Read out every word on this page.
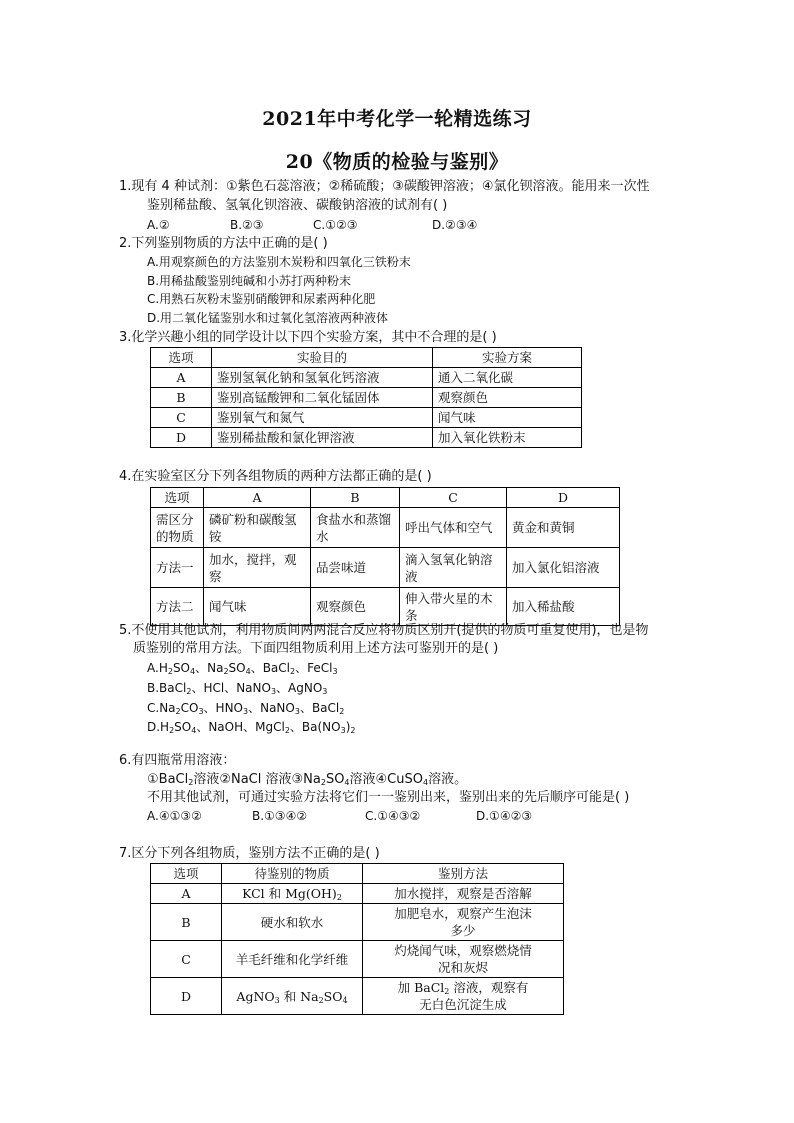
2021年中考化学一轮精选练习
20《物质的检验与鉴别》
1.现有 4 种试剂：①紫色石蕊溶液；②稀硫酸；③碳酸钾溶液；④氯化钡溶液。能用来一次性
鉴别稀盐酸、氢氧化钡溶液、碳酸钠溶液的试剂有( )
A.②	B.②③	C.①②③	D.②③④
2.下列鉴别物质的方法中正确的是( )
A.用观察颜色的方法鉴别木炭粉和四氧化三铁粉末
B.用稀盐酸鉴别纯碱和小苏打两种粉末
C.用熟石灰粉末鉴别硝酸钾和尿素两种化肥
D.用二氧化锰鉴别水和过氧化氢溶液两种液体
3.化学兴趣小组的同学设计以下四个实验方案，其中不合理的是( )
选项	实验目的	实验方案
A	鉴别氢氧化钠和氢氧化钙溶液	通入二氧化碳
B	鉴别高锰酸钾和二氧化锰固体	观察颜色
C	鉴别氧气和氮气	闻气味
D	鉴别稀盐酸和氯化钾溶液	加入氧化铁粉末
4.在实验室区分下列各组物质的两种方法都正确的是( )
选项	A	B	C	D
需区分的物质	磷矿粉和碳酸氢铵	食盐水和蒸馏水	呼出气体和空气	黄金和黄铜
方法一	加水，搅拌，观察	品尝味道	滴入氢氧化钠溶液	加入氯化铝溶液
方法二	闻气味	观察颜色	伸入带火星的木条	加入稀盐酸
5.不使用其他试剂，利用物质间两两混合反应将物质区别开(提供的物质可重复使用)，也是物
质鉴别的常用方法。下面四组物质利用上述方法可鉴别开的是( )
$A.H_2SO_4$、$Na_2SO_4$、BaCl$_2$、FeCl$_3$
B.BaCl$_2$、HCl、NaNO$_3$、AgNO$_3$
$C.Na_2CO_3$、$HNO_3$、NaNO$_3$、BaCl$_2$
$D.H_2SO_4$、NaOH、MgCl$_2$、$Ba(NO_3)_2$
6.有四瓶常用溶液：
①BaCl$_2$溶液②NaCl 溶液$③Na_2SO_4$溶液④CuSO$_4$溶液。
不用其他试剂，可通过实验方法将它们一一鉴别出来，鉴别出来的先后顺序可能是( )
A.④①③②	B.①③④②	C.①④③②	D.①④②③
7.区分下列各组物质，鉴别方法不正确的是( )
选项	待鉴别的物质	鉴别方法
A	KCl 和 $Mg(OH)_2$	加水搅拌，观察是否溶解
B	硬水和软水	加肥皂水，观察产生泡沫多少
C	羊毛纤维和化学纤维	灼烧闻气味，观察燃烧情况和灰烬
D	AgNO$_3$ 和 $Na_2SO_4$	加 BaCl$_2$ 溶液，观察有无白色沉淀生成
